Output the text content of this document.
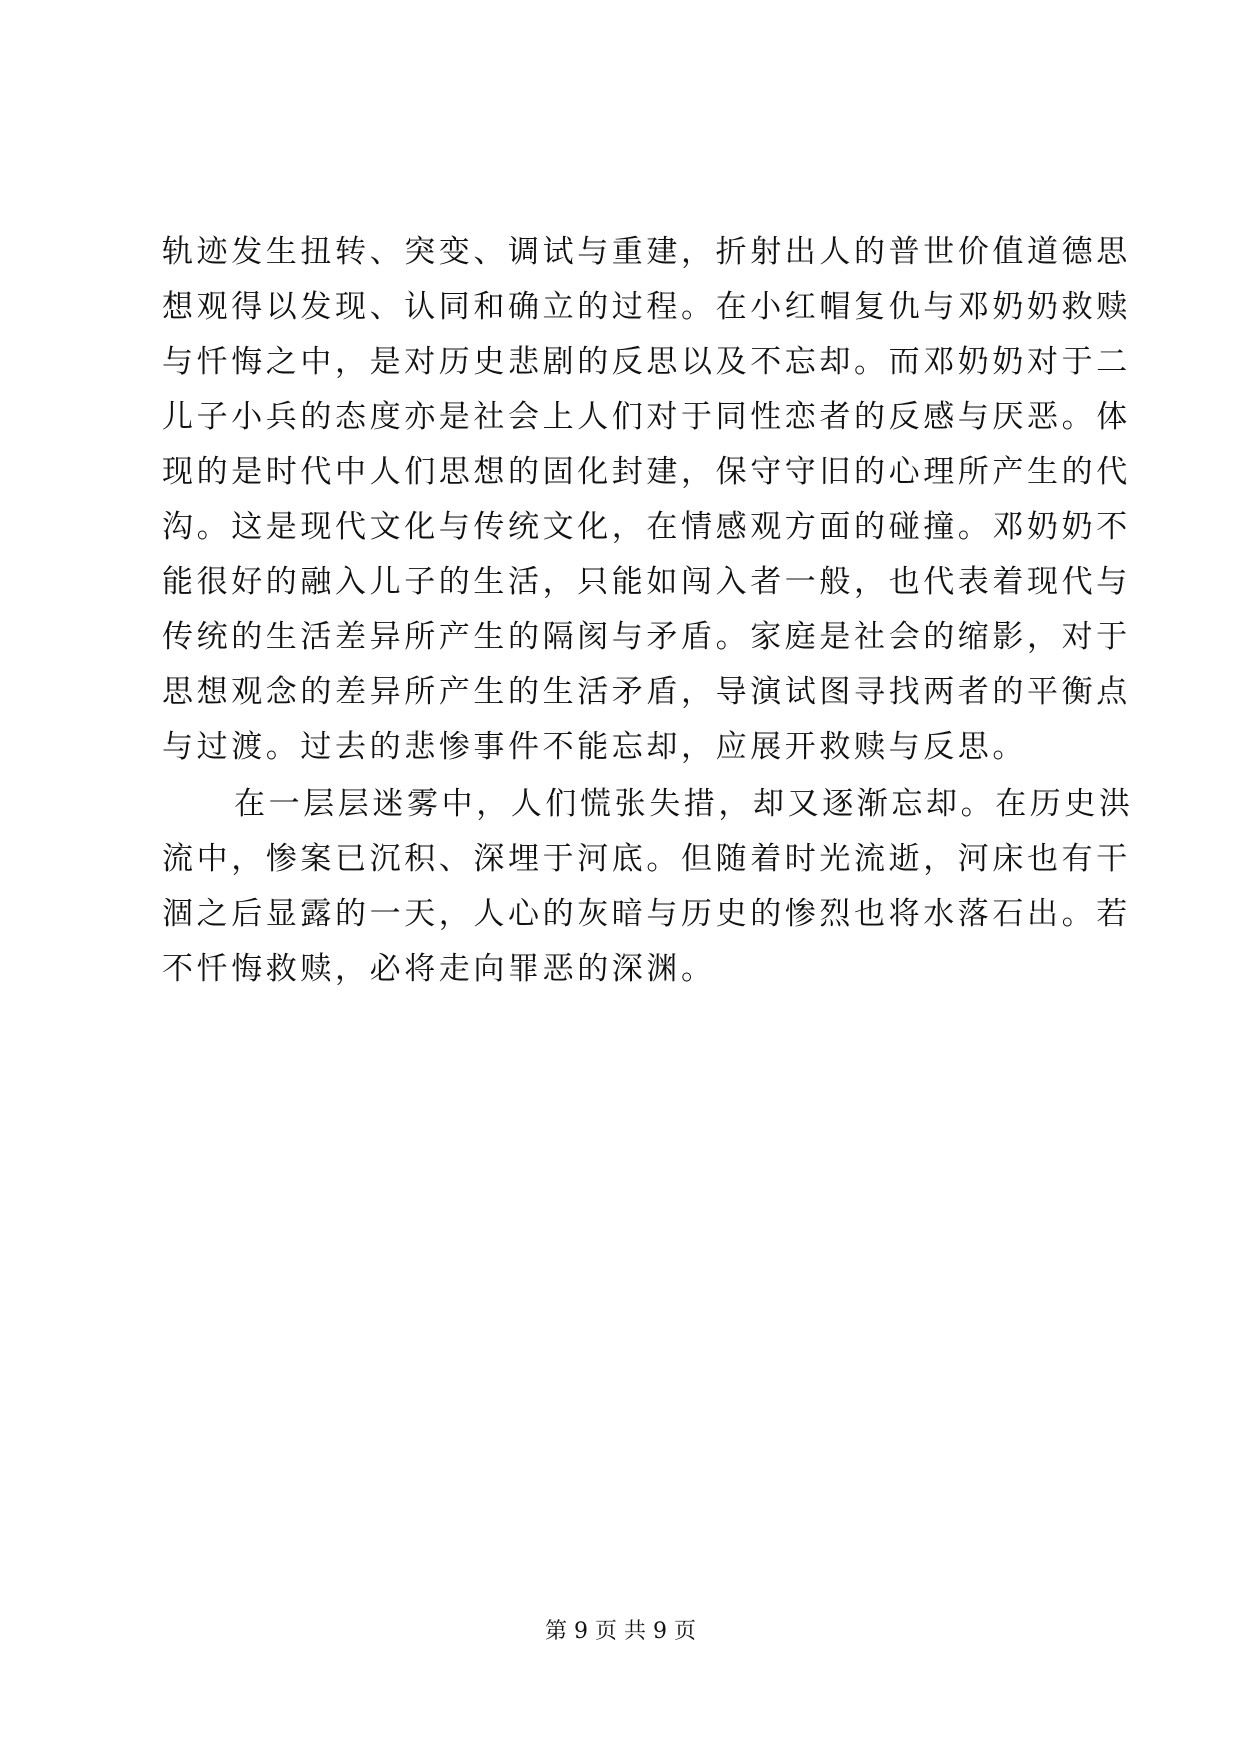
轨迹发生扭转、突变、调试与重建，折射出人的普世价值道德思
想观得以发现、认同和确立的过程。在小红帽复仇与邓奶奶救赎
与忏悔之中，是对历史悲剧的反思以及不忘却。而邓奶奶对于二
儿子小兵的态度亦是社会上人们对于同性恋者的反感与厌恶。体
现的是时代中人们思想的固化封建，保守守旧的心理所产生的代
沟。这是现代文化与传统文化，在情感观方面的碰撞。邓奶奶不
能很好的融入儿子的生活，只能如闯入者一般，也代表着现代与
传统的生活差异所产生的隔阂与矛盾。家庭是社会的缩影，对于
思想观念的差异所产生的生活矛盾，导演试图寻找两者的平衡点
与过渡。过去的悲惨事件不能忘却，应展开救赎与反思。

在一层层迷雾中，人们慌张失措，却又逐渐忘却。在历史洪
流中，惨案已沉积、深埋于河底。但随着时光流逝，河床也有干
涸之后显露的一天，人心的灰暗与历史的惨烈也将水落石出。若
不忏悔救赎，必将走向罪恶的深渊。

第 9 页 共 9 页
